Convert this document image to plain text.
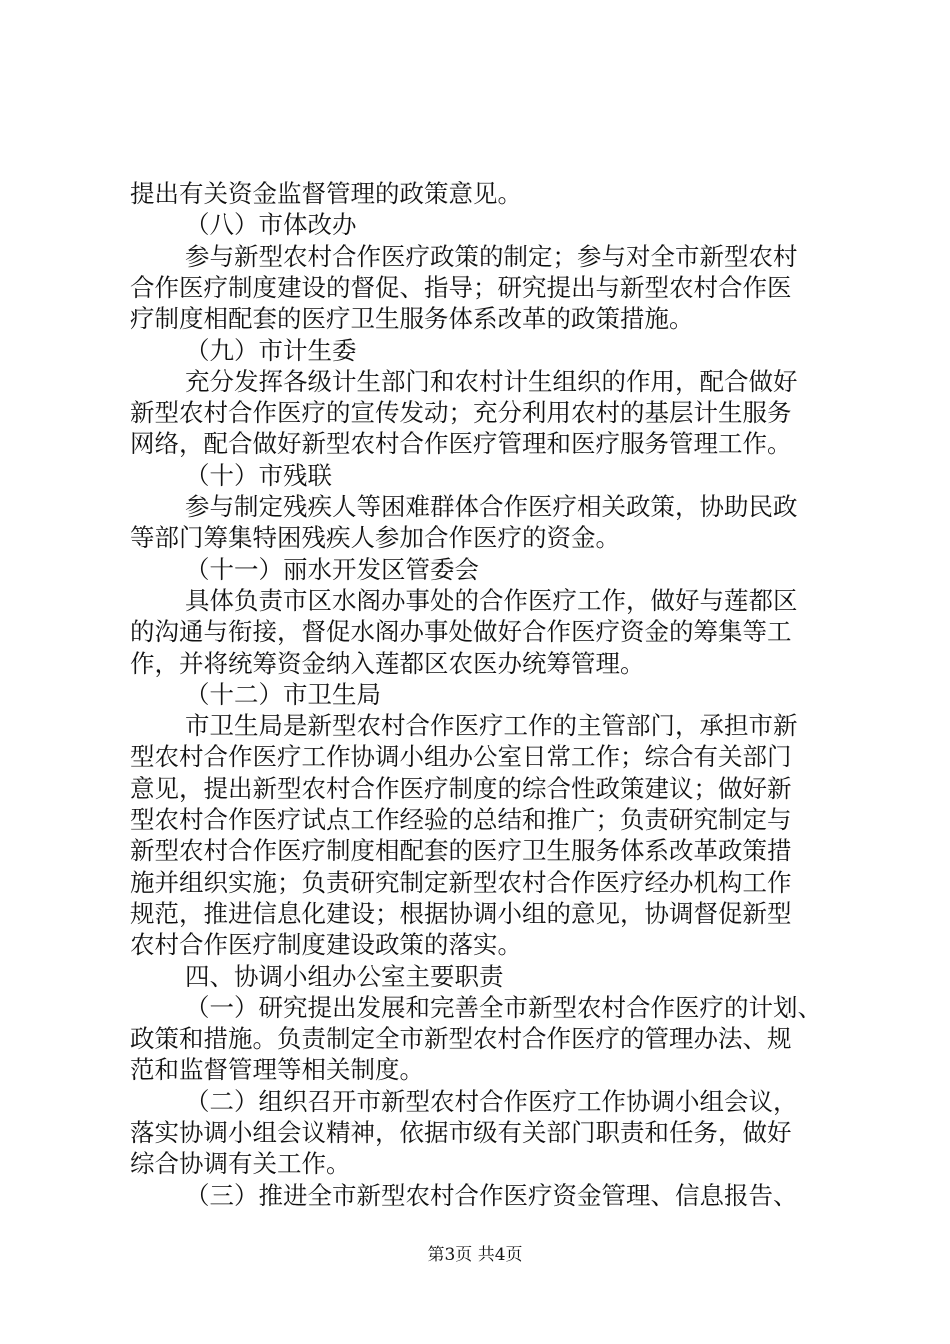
提出有关资金监督管理的政策意见。
（八）市体改办
参与新型农村合作医疗政策的制定；参与对全市新型农村
合作医疗制度建设的督促、指导；研究提出与新型农村合作医
疗制度相配套的医疗卫生服务体系改革的政策措施。
（九）市计生委
充分发挥各级计生部门和农村计生组织的作用，配合做好
新型农村合作医疗的宣传发动；充分利用农村的基层计生服务
网络，配合做好新型农村合作医疗管理和医疗服务管理工作。
（十）市残联
参与制定残疾人等困难群体合作医疗相关政策，协助民政
等部门筹集特困残疾人参加合作医疗的资金。
（十一）丽水开发区管委会
具体负责市区水阁办事处的合作医疗工作，做好与莲都区
的沟通与衔接，督促水阁办事处做好合作医疗资金的筹集等工
作，并将统筹资金纳入莲都区农医办统筹管理。
（十二）市卫生局
市卫生局是新型农村合作医疗工作的主管部门，承担市新
型农村合作医疗工作协调小组办公室日常工作；综合有关部门
意见，提出新型农村合作医疗制度的综合性政策建议；做好新
型农村合作医疗试点工作经验的总结和推广；负责研究制定与
新型农村合作医疗制度相配套的医疗卫生服务体系改革政策措
施并组织实施；负责研究制定新型农村合作医疗经办机构工作
规范，推进信息化建设；根据协调小组的意见，协调督促新型
农村合作医疗制度建设政策的落实。
四、协调小组办公室主要职责
（一）研究提出发展和完善全市新型农村合作医疗的计划、
政策和措施。负责制定全市新型农村合作医疗的管理办法、规
范和监督管理等相关制度。
（二）组织召开市新型农村合作医疗工作协调小组会议，
落实协调小组会议精神，依据市级有关部门职责和任务，做好
综合协调有关工作。
（三）推进全市新型农村合作医疗资金管理、信息报告、
第3页 共4页
